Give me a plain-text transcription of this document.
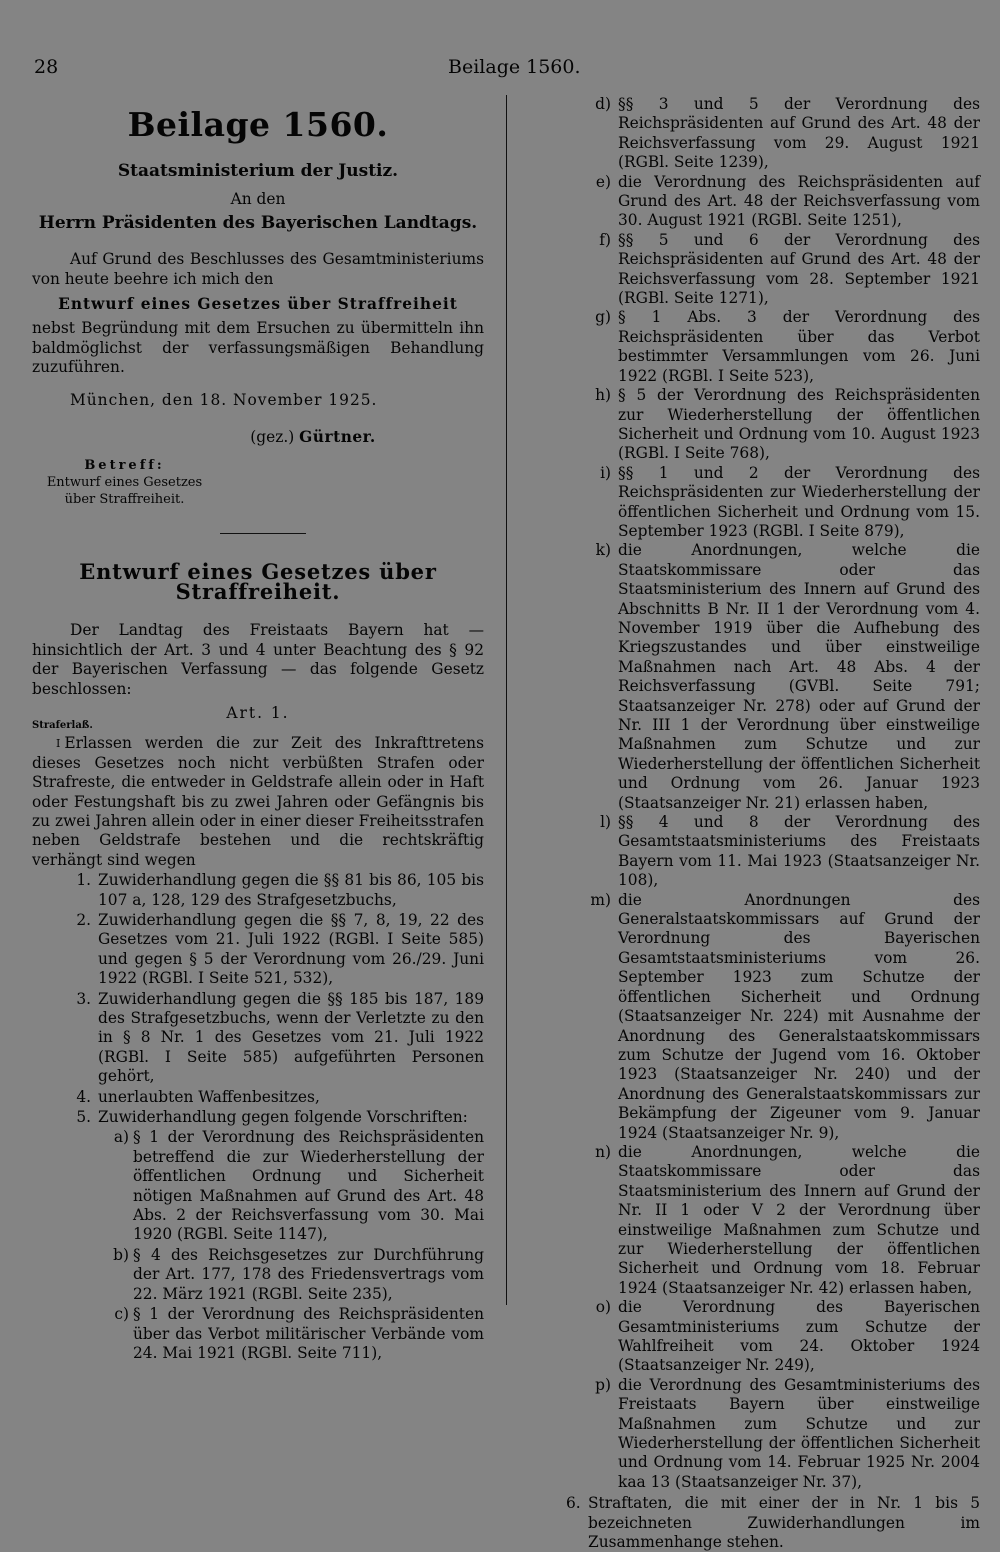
28	Beilage 1560.
Beilage 1560.
Staatsministerium der Justiz.
An den
Herrn Präsidenten des Bayerischen Landtags.
Auf Grund des Beschlusses des Gesamtministeriums von heute beehre ich mich den
Entwurf eines Gesetzes über Straffreiheit
nebst Begründung mit dem Ersuchen zu übermitteln ihn baldmöglichst der verfassungsmäßigen Behandlung zuzuführen.
München, den 18. November 1925.
(gez.) Gürtner.
Betreff:
Entwurf eines Gesetzes über Straffreiheit.
Entwurf eines Gesetzes über Straffreiheit.
Der Landtag des Freistaats Bayern hat — hinsichtlich der Art. 3 und 4 unter Beachtung des § 92 der Bayerischen Verfassung — das folgende Gesetz beschlossen:
Art. 1.
Straferlaß.
$^I$ Erlassen werden die zur Zeit des Inkrafttretens dieses Gesetzes noch nicht verbüßten Strafen oder Strafreste, die entweder in Geldstrafe allein oder in Haft oder Festungshaft bis zu zwei Jahren oder Gefängnis bis zu zwei Jahren allein oder in einer dieser Freiheitsstrafen neben Geldstrafe bestehen und die rechtskräftig verhängt sind wegen
1. Zuwiderhandlung gegen die §§ 81 bis 86, 105 bis 107 a, 128, 129 des Strafgesetzbuchs,
2. Zuwiderhandlung gegen die §§ 7, 8, 19, 22 des Gesetzes vom 21. Juli 1922 (RGBl. I Seite 585) und gegen § 5 der Verordnung vom 26./29. Juni 1922 (RGBl. I Seite 521, 532),
3. Zuwiderhandlung gegen die §§ 185 bis 187, 189 des Strafgesetzbuchs, wenn der Verletzte zu den in § 8 Nr. 1 des Gesetzes vom 21. Juli 1922 (RGBl. I Seite 585) aufgeführten Personen gehört,
4. unerlaubten Waffenbesitzes,
5. Zuwiderhandlung gegen folgende Vorschriften:
a) § 1 der Verordnung des Reichspräsidenten betreffend die zur Wiederherstellung der öffentlichen Ordnung und Sicherheit nötigen Maßnahmen auf Grund des Art. 48 Abs. 2 der Reichsverfassung vom 30. Mai 1920 (RGBl. Seite 1147),
b) § 4 des Reichsgesetzes zur Durchführung der Art. 177, 178 des Friedensvertrags vom 22. März 1921 (RGBl. Seite 235),
c) § 1 der Verordnung des Reichspräsidenten über das Verbot militärischer Verbände vom 24. Mai 1921 (RGBl. Seite 711),
d) §§ 3 und 5 der Verordnung des Reichspräsidenten auf Grund des Art. 48 der Reichsverfassung vom 29. August 1921 (RGBl. Seite 1239),
e) die Verordnung des Reichspräsidenten auf Grund des Art. 48 der Reichsverfassung vom 30. August 1921 (RGBl. Seite 1251),
f) §§ 5 und 6 der Verordnung des Reichspräsidenten auf Grund des Art. 48 der Reichsverfassung vom 28. September 1921 (RGBl. Seite 1271),
g) § 1 Abs. 3 der Verordnung des Reichspräsidenten über das Verbot bestimmter Versammlungen vom 26. Juni 1922 (RGBl. I Seite 523),
h) § 5 der Verordnung des Reichspräsidenten zur Wiederherstellung der öffentlichen Sicherheit und Ordnung vom 10. August 1923 (RGBl. I Seite 768),
i) §§ 1 und 2 der Verordnung des Reichspräsidenten zur Wiederherstellung der öffentlichen Sicherheit und Ordnung vom 15. September 1923 (RGBl. I Seite 879),
k) die Anordnungen, welche die Staatskommissare oder das Staatsministerium des Innern auf Grund des Abschnitts B Nr. II 1 der Verordnung vom 4. November 1919 über die Aufhebung des Kriegszustandes und über einstweilige Maßnahmen nach Art. 48 Abs. 4 der Reichsverfassung (GVBl. Seite 791; Staatsanzeiger Nr. 278) oder auf Grund der Nr. III 1 der Verordnung über einstweilige Maßnahmen zum Schutze und zur Wiederherstellung der öffentlichen Sicherheit und Ordnung vom 26. Januar 1923 (Staatsanzeiger Nr. 21) erlassen haben,
l) §§ 4 und 8 der Verordnung des Gesamtstaatsministeriums des Freistaats Bayern vom 11. Mai 1923 (Staatsanzeiger Nr. 108),
m) die Anordnungen des Generalstaatskommissars auf Grund der Verordnung des Bayerischen Gesamtstaatsministeriums vom 26. September 1923 zum Schutze der öffentlichen Sicherheit und Ordnung (Staatsanzeiger Nr. 224) mit Ausnahme der Anordnung des Generalstaatskommissars zum Schutze der Jugend vom 16. Oktober 1923 (Staatsanzeiger Nr. 240) und der Anordnung des Generalstaatskommissars zur Bekämpfung der Zigeuner vom 9. Januar 1924 (Staatsanzeiger Nr. 9),
n) die Anordnungen, welche die Staatskommissare oder das Staatsministerium des Innern auf Grund der Nr. II 1 oder V 2 der Verordnung über einstweilige Maßnahmen zum Schutze und zur Wiederherstellung der öffentlichen Sicherheit und Ordnung vom 18. Februar 1924 (Staatsanzeiger Nr. 42) erlassen haben,
o) die Verordnung des Bayerischen Gesamtministeriums zum Schutze der Wahlfreiheit vom 24. Oktober 1924 (Staatsanzeiger Nr. 249),
p) die Verordnung des Gesamtministeriums des Freistaats Bayern über einstweilige Maßnahmen zum Schutze und zur Wiederherstellung der öffentlichen Sicherheit und Ordnung vom 14. Februar 1925 Nr. 2004 kaa 13 (Staatsanzeiger Nr. 37),
6. Straftaten, die mit einer der in Nr. 1 bis 5 bezeichneten Zuwiderhandlungen im Zusammenhange stehen.
